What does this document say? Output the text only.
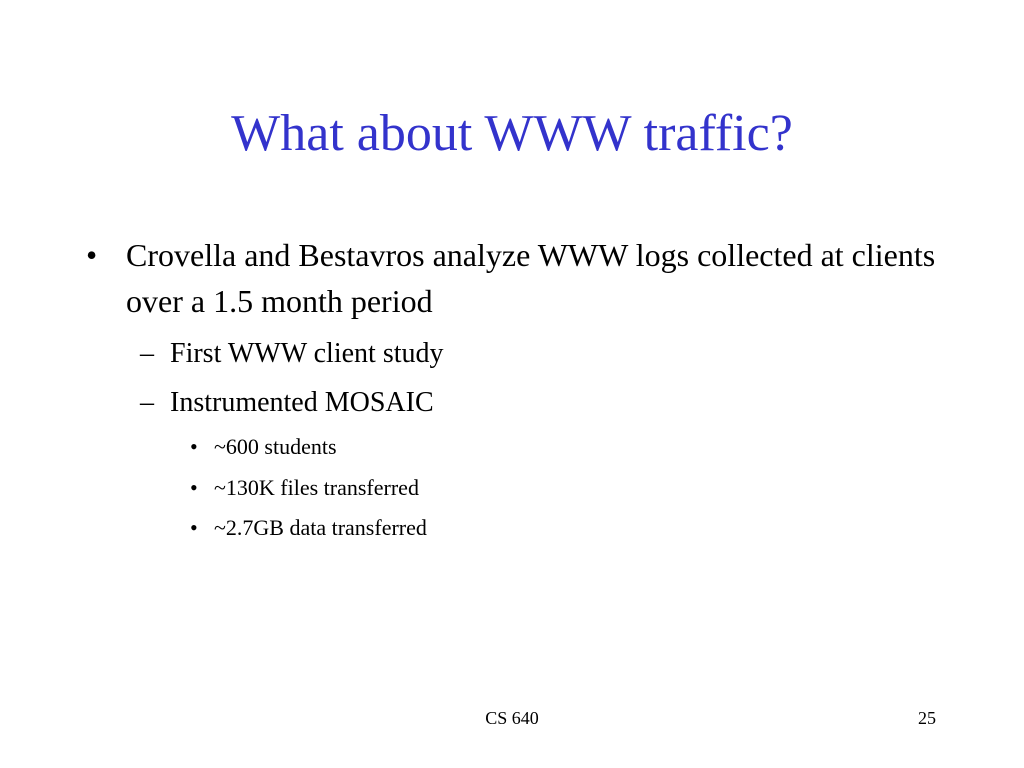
What about WWW traffic?
• Crovella and Bestavros analyze WWW logs collected at clients over a 1.5 month period
– First WWW client study
– Instrumented MOSAIC
• ~600 students
• ~130K files transferred
• ~2.7GB data transferred
CS 640	25
